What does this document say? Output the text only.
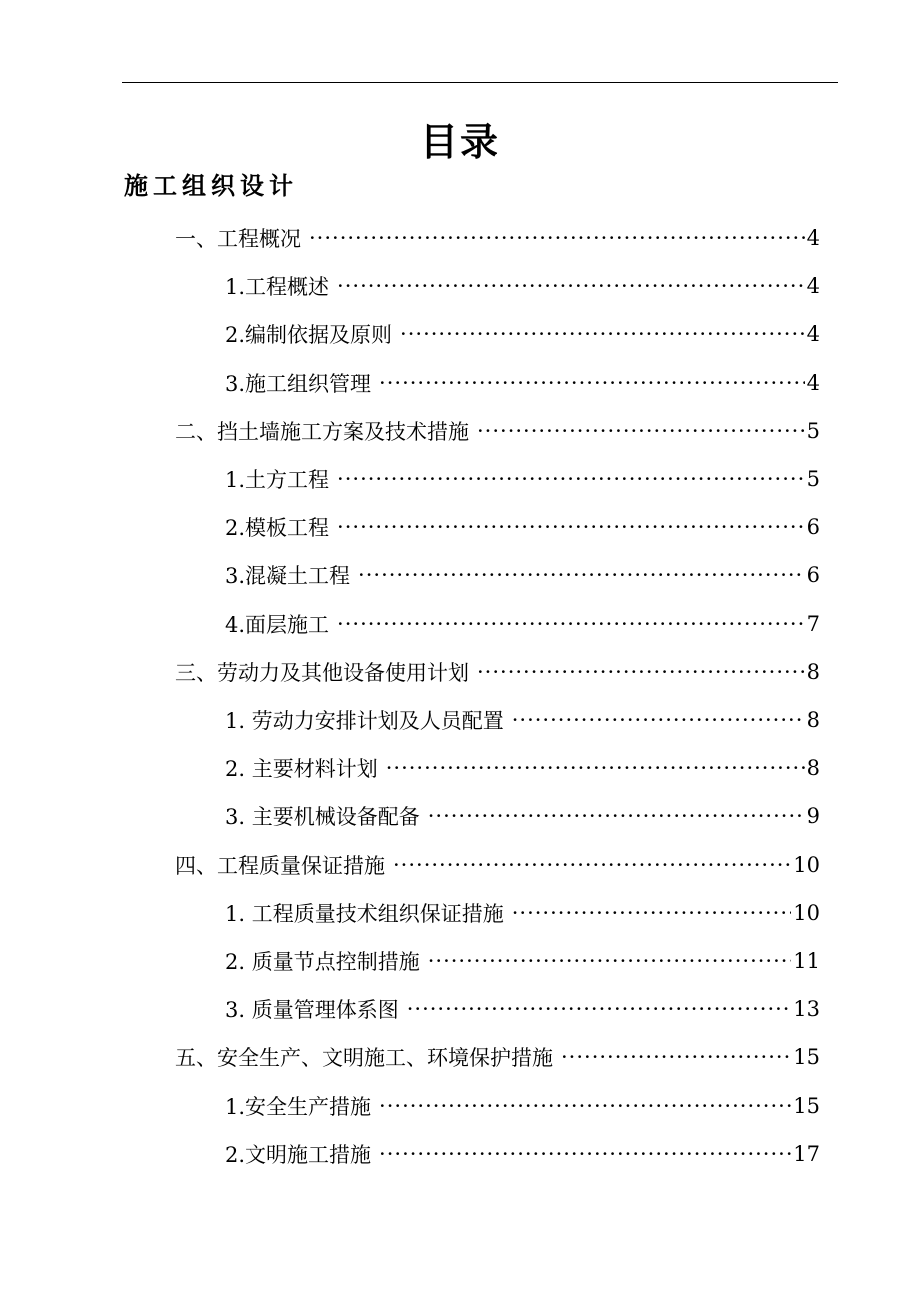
目录
施工组织设计
一、工程概况 ·····	4
1.工程概述 ·····	4
2.编制依据及原则 ·····	4
3.施工组织管理 ·····	4
二、挡土墙施工方案及技术措施 ·····	5
1.土方工程 ·····	5
2.模板工程 ·····	6
3.混凝土工程 ·····	6
4.面层施工 ·····	7
三、劳动力及其他设备使用计划 ·····	8
1. 劳动力安排计划及人员配置 ·····	8
2. 主要材料计划 ·····	8
3. 主要机械设备配备 ·····	9
四、工程质量保证措施 ·····	10
1. 工程质量技术组织保证措施 ·····	10
2. 质量节点控制措施 ·····	11
3. 质量管理体系图 ·····	13
五、安全生产、文明施工、环境保护措施 ·····	15
1.安全生产措施 ·····	15
2.文明施工措施 ·····	17
